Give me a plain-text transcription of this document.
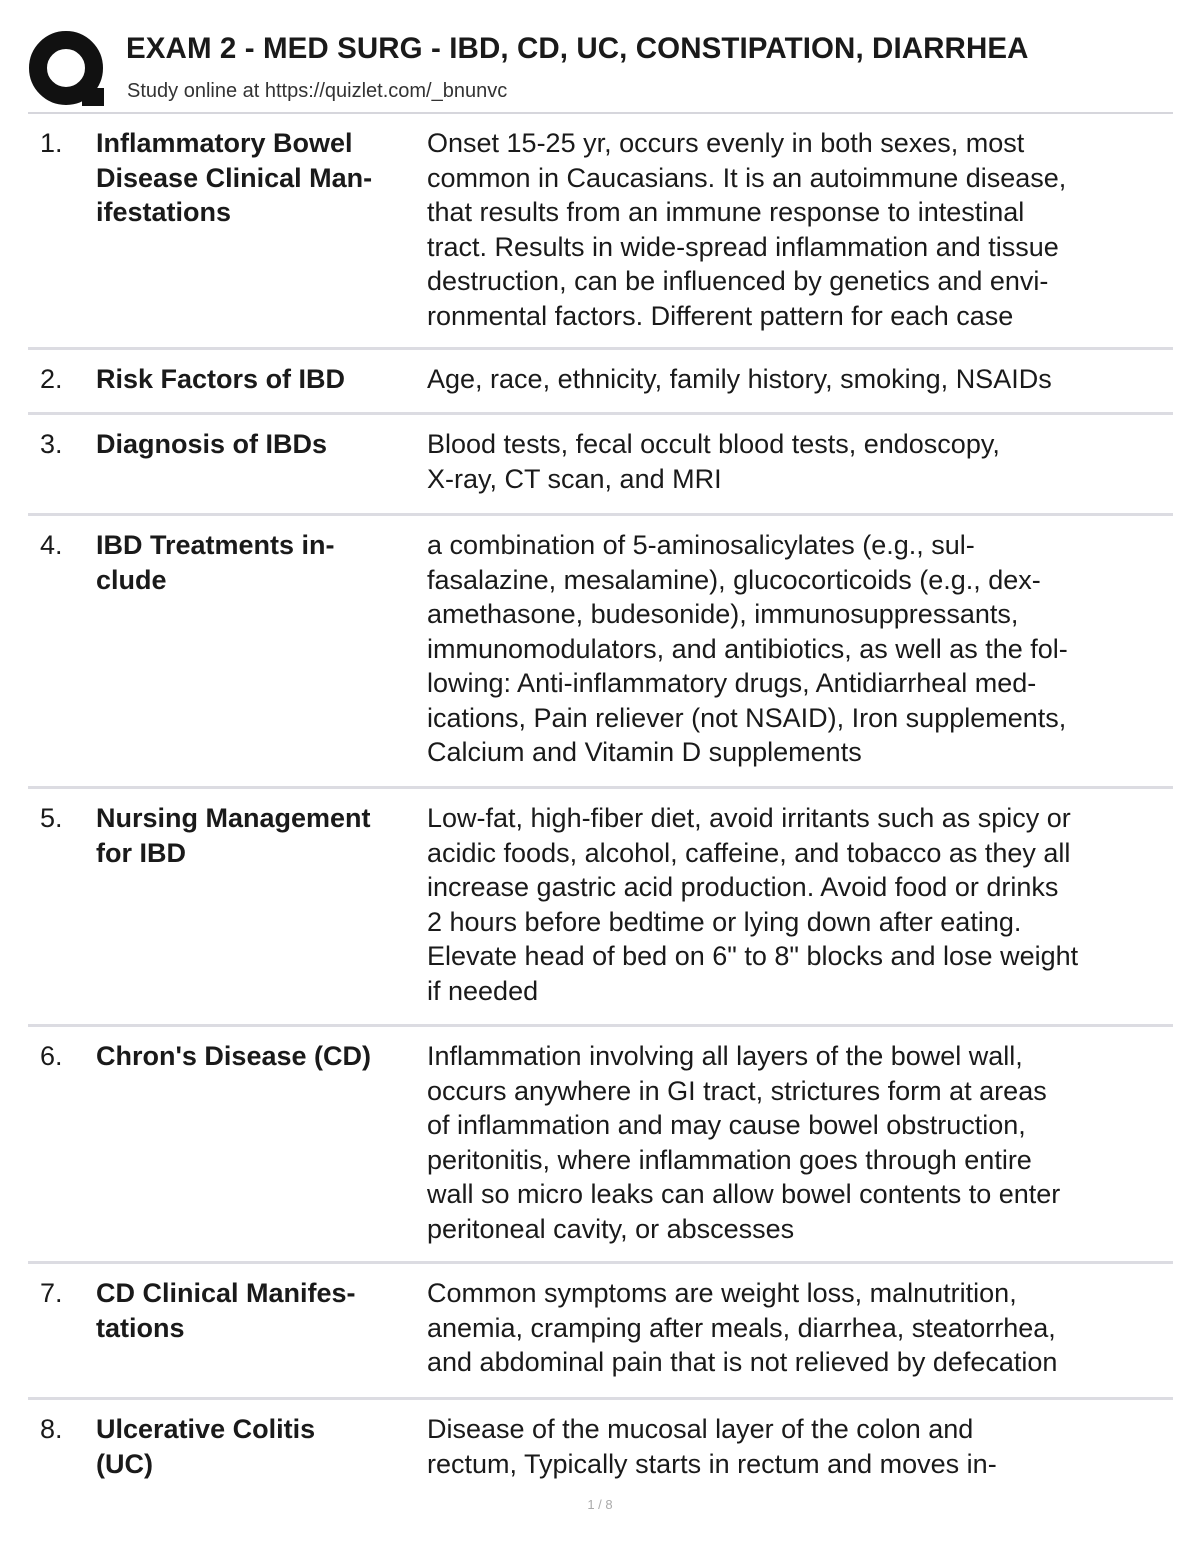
EXAM 2 - MED SURG - IBD, CD, UC, CONSTIPATION, DIARRHEA
Study online at https://quizlet.com/_bnunvc
1. Inflammatory Bowel
Disease Clinical Man-
ifestations
Onset 15-25 yr, occurs evenly in both sexes, most
common in Caucasians. It is an autoimmune disease,
that results from an immune response to intestinal
tract. Results in wide-spread inflammation and tissue
destruction, can be influenced by genetics and envi-
ronmental factors. Different pattern for each case
2. Risk Factors of IBD	Age, race, ethnicity, family history, smoking, NSAIDs
3. Diagnosis of IBDs	Blood tests, fecal occult blood tests, endoscopy,
X-ray, CT scan, and MRI
4. IBD Treatments in-
clude
a combination of 5-aminosalicylates (e.g., sul-
fasalazine, mesalamine), glucocorticoids (e.g., dex-
amethasone, budesonide), immunosuppressants,
immunomodulators, and antibiotics, as well as the fol-
lowing: Anti-inflammatory drugs, Antidiarrheal med-
ications, Pain reliever (not NSAID), Iron supplements,
Calcium and Vitamin D supplements
5. Nursing Management
for IBD
Low-fat, high-fiber diet, avoid irritants such as spicy or
acidic foods, alcohol, caffeine, and tobacco as they all
increase gastric acid production. Avoid food or drinks
2 hours before bedtime or lying down after eating.
Elevate head of bed on 6" to 8" blocks and lose weight
if needed
6. Chron's Disease (CD) Inflammation involving all layers of the bowel wall,
occurs anywhere in GI tract, strictures form at areas
of inflammation and may cause bowel obstruction,
peritonitis, where inflammation goes through entire
wall so micro leaks can allow bowel contents to enter
peritoneal cavity, or abscesses
7. CD Clinical Manifes-
tations
Common symptoms are weight loss, malnutrition,
anemia, cramping after meals, diarrhea, steatorrhea,
and abdominal pain that is not relieved by defecation
8. Ulcerative Colitis
(UC)
Disease of the mucosal layer of the colon and
rectum, Typically starts in rectum and moves in-
1 / 8
